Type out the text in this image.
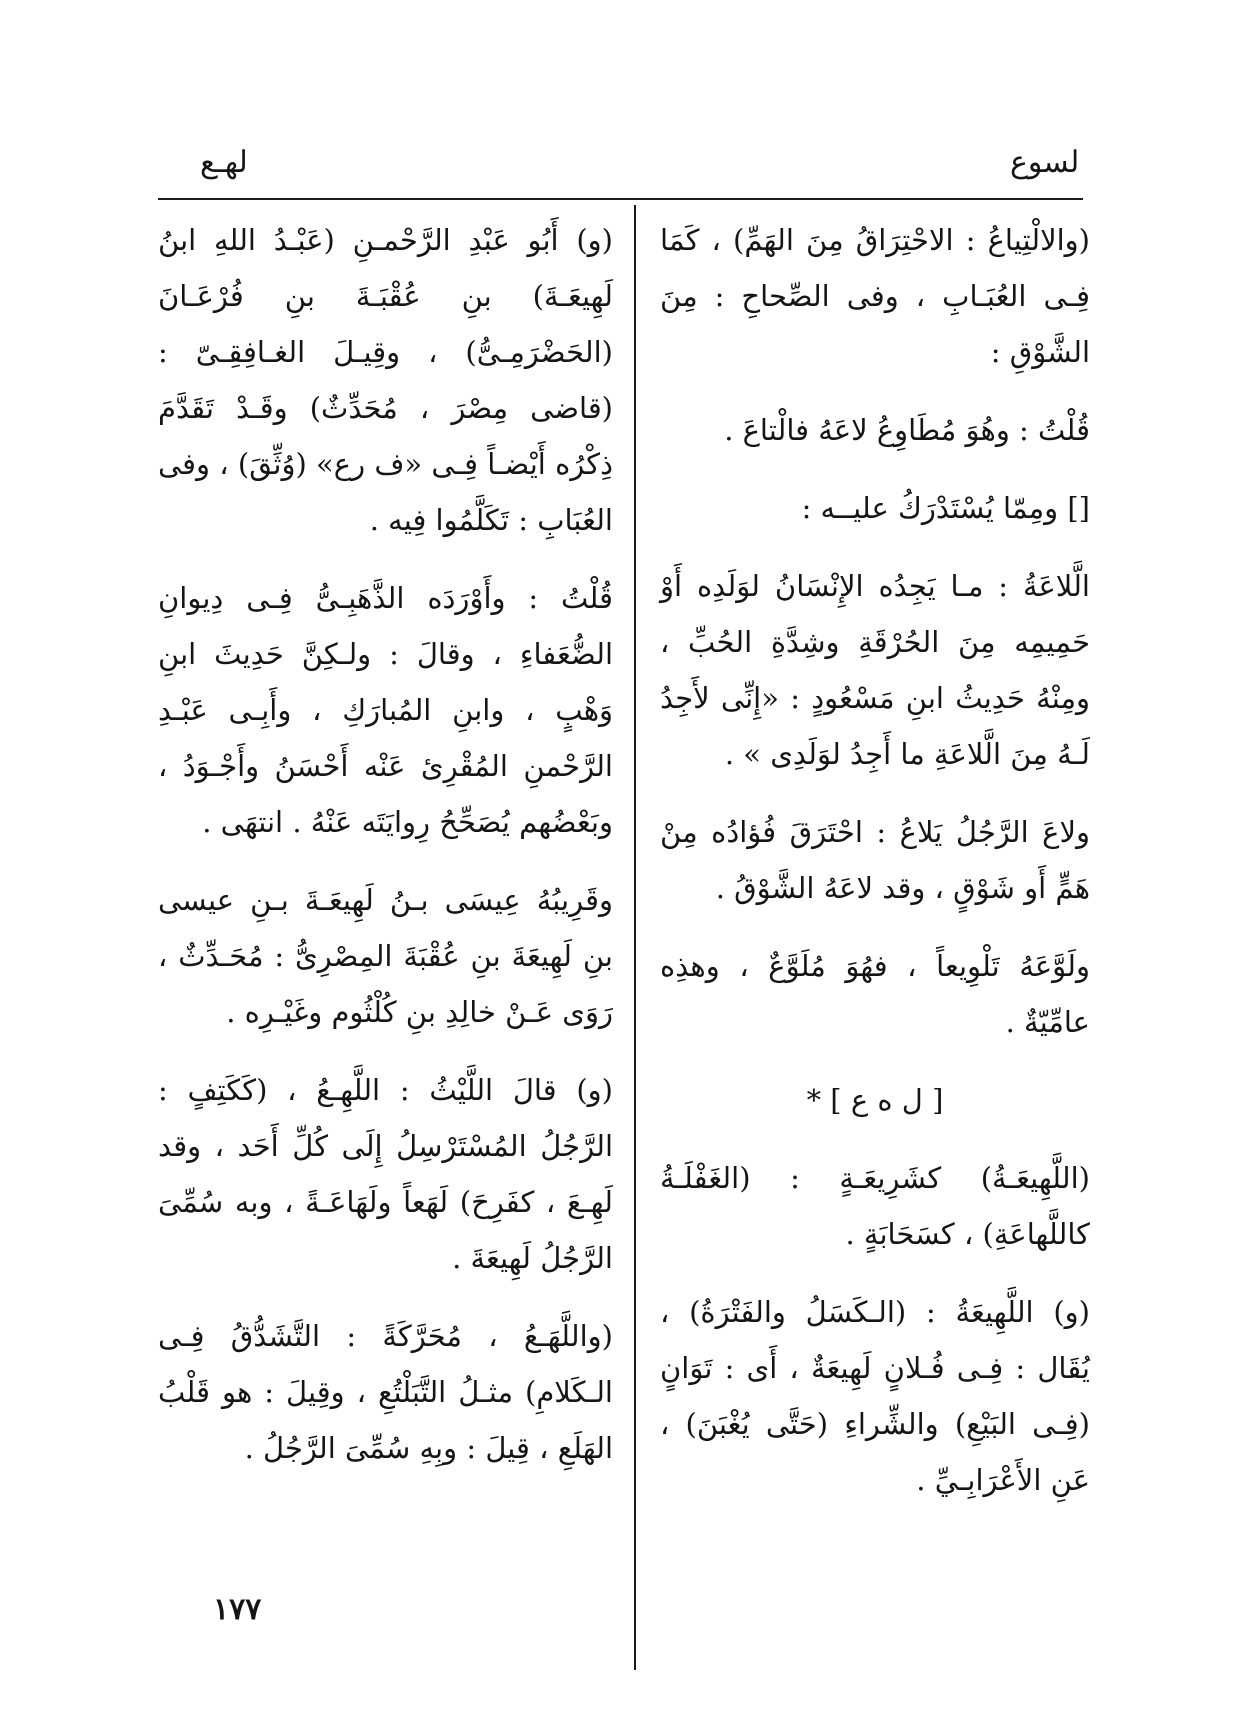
لسوع
لهـع

(والالْتِياعُ : الاحْتِرَاقُ مِنَ الهَمِّ) ، كَمَا فِـى العُبَـابِ ، وفى الصِّحاحِ : مِنَ الشَّوْقِ :

قُلْتُ : وهُوَ مُطَاوِعُ لاعَهُ فالْتاعَ .

[] ومِمّا يُسْتَدْرَكُ عليــه :

الَّلاعَةُ : مـا يَجِدُه الإِنْسَانُ لوَلَدِه أَوْ حَمِيمِه مِنَ الحُرْقَةِ وشِدَّةِ الحُبِّ ، ومِنْهُ حَدِيثُ ابنِ مَسْعُودٍ : «إِنِّى لأَجِدُ لَـهُ مِنَ الَّلاعَةِ ما أَجِدُ لوَلَدِى » .

ولاعَ الرَّجُلُ يَلاعُ : احْتَرَقَ فُؤادُه مِنْ هَمٍّ أَو شَوْقٍ ، وقد لاعَهُ الشَّوْقُ .

ولَوَّعَهُ تَلْوِيعاً ، فهُوَ مُلَوَّعٌ ، وهذِه عامِّيّةٌ .

[ ل ه ع ] *

(اللَّهِيعَـةُ) كشَرِيعَـةٍ : (الغَفْلَـةُ كاللَّهاعَةِ) ، كسَحَابَةٍ .

(و) اللَّهِيعَةُ : (الـكَسَلُ والفَتْرَةُ) ، يُقَال : فِـى فُـلانٍ لَهِيعَةٌ ، أَى : تَوَانٍ (فِـى البَيْعِ) والشِّراءِ (حَتَّى يُغْبَنَ) ، عَنِ الأَعْرَابِـيِّ .

(و) أَبُو عَبْدِ الرَّحْمـنِ (عَبْـدُ اللهِ ابنُ لَهِيعَـةَ) بنِ عُقْبَـةَ بنِ فُرْعَـانَ (الحَضْرَمِـىُّ) ، وقِيـلَ الغـافِقِـىّ : (قاضى مِصْرَ ، مُحَدِّثٌ) وقَـدْ تَقَدَّمَ ذِكْرُه أَيْضـاً فِـى «ف رع» (وُثِّقَ) ، وفى العُبَابِ : تَكَلَّمُوا فِيه .

قُلْتُ : وأَوْرَدَه الذَّهَبِـىُّ فِـى دِيوانِ الضُّعَفاءِ ، وقالَ : ولـكِنَّ حَدِيثَ ابنِ وَهْبٍ ، وابنِ المُبارَكِ ، وأَبِـى عَبْـدِ الرَّحْمنِ المُقْرِئ عَنْه أَحْسَنُ وأَجْـوَدُ ، وبَعْضُهم يُصَحِّحُ رِوايَتَه عَنْهُ . انتهَى .

وقَرِيبُهُ عِيسَى بـنُ لَهِيعَـةَ بـنِ عيسى بنِ لَهِيعَةَ بنِ عُقْبَةَ المِصْرِىُّ : مُحَـدِّثٌ ، رَوَى عَـنْ خالِدِ بنِ كُلْثُوم وغَيْـرِه .

(و) قالَ اللَّيْثُ : اللَّهِـعُ ، (كَكَتِفٍ : الرَّجُلُ المُسْتَرْسِلُ إِلَى كُلِّ أَحَد ، وقد لَهِـعَ ، كفَرِحَ) لَهَعاً ولَهَاعَـةً ، وبه سُمِّىَ الرَّجُلُ لَهِيعَةَ .

(واللَّهَـعُ ، مُحَرَّكَةً : التَّشَدُّقُ فِـى الـكَلامِ) مثـلُ التَّبَلْتُعِ ، وقِيلَ : هو قَلْبُ الهَلَعِ ، قِيلَ : وبِهِ سُمِّىَ الرَّجُلُ .

١٧٧
